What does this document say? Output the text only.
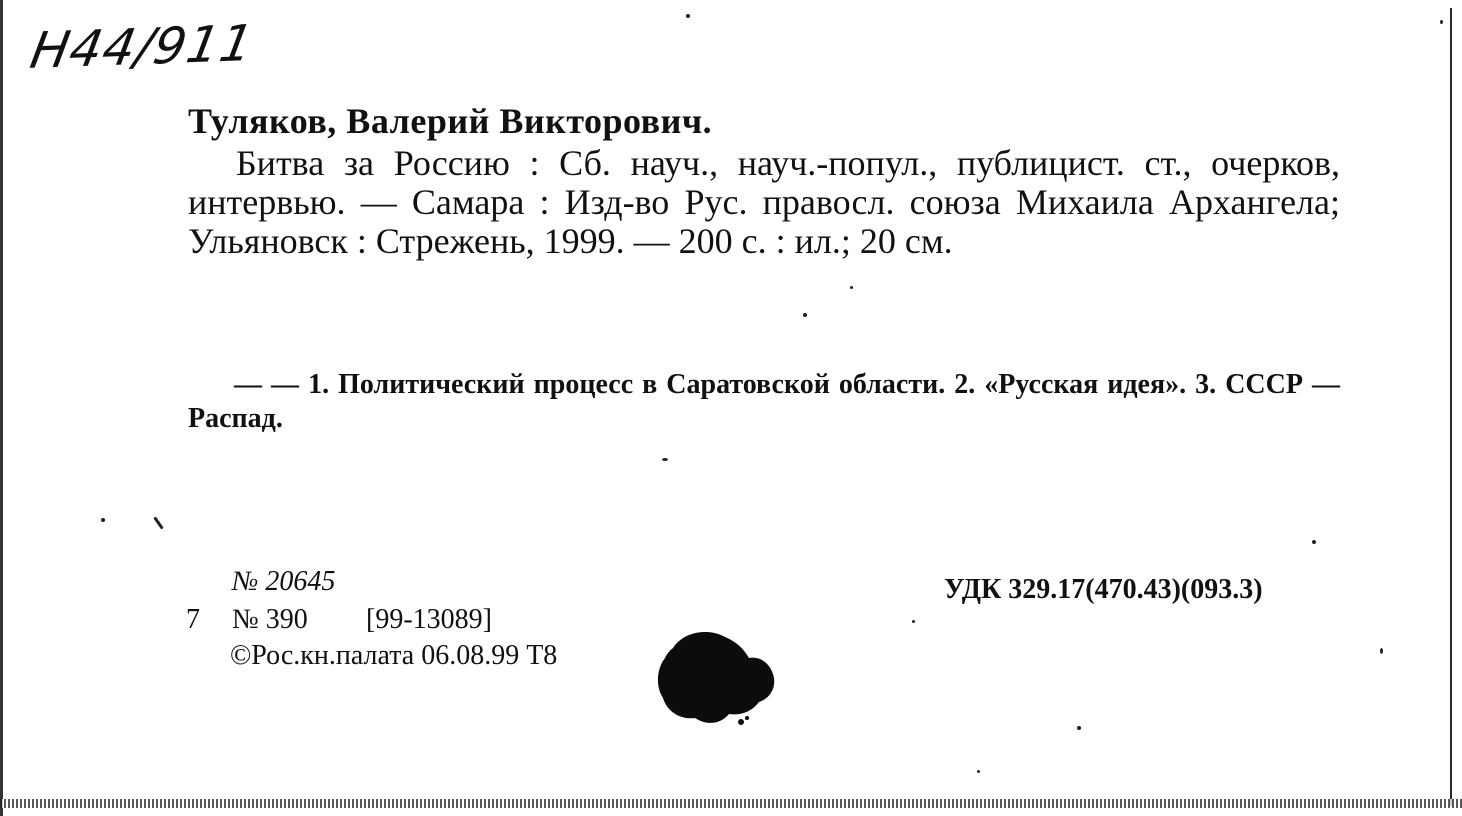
Н44/911
Туляков, Валерий Викторович.

Битва за Россию : Сб. науч., науч.-попул., публицист. ст., очерков, интервью. — Самара : Изд-во Рус. правосл. союза Михаила Архангела; Ульяновск : Стрежень, 1999. — 200 с. : ил.; 20 см.

— — 1. Политический процесс в Саратовской области. 2. «Русская идея». 3. СССР — Распад.

№ 20645
7 № 390 [99-13089]
©Рос.кн.палата 06.08.99 Т8
УДК 329.17(470.43)(093.3)
